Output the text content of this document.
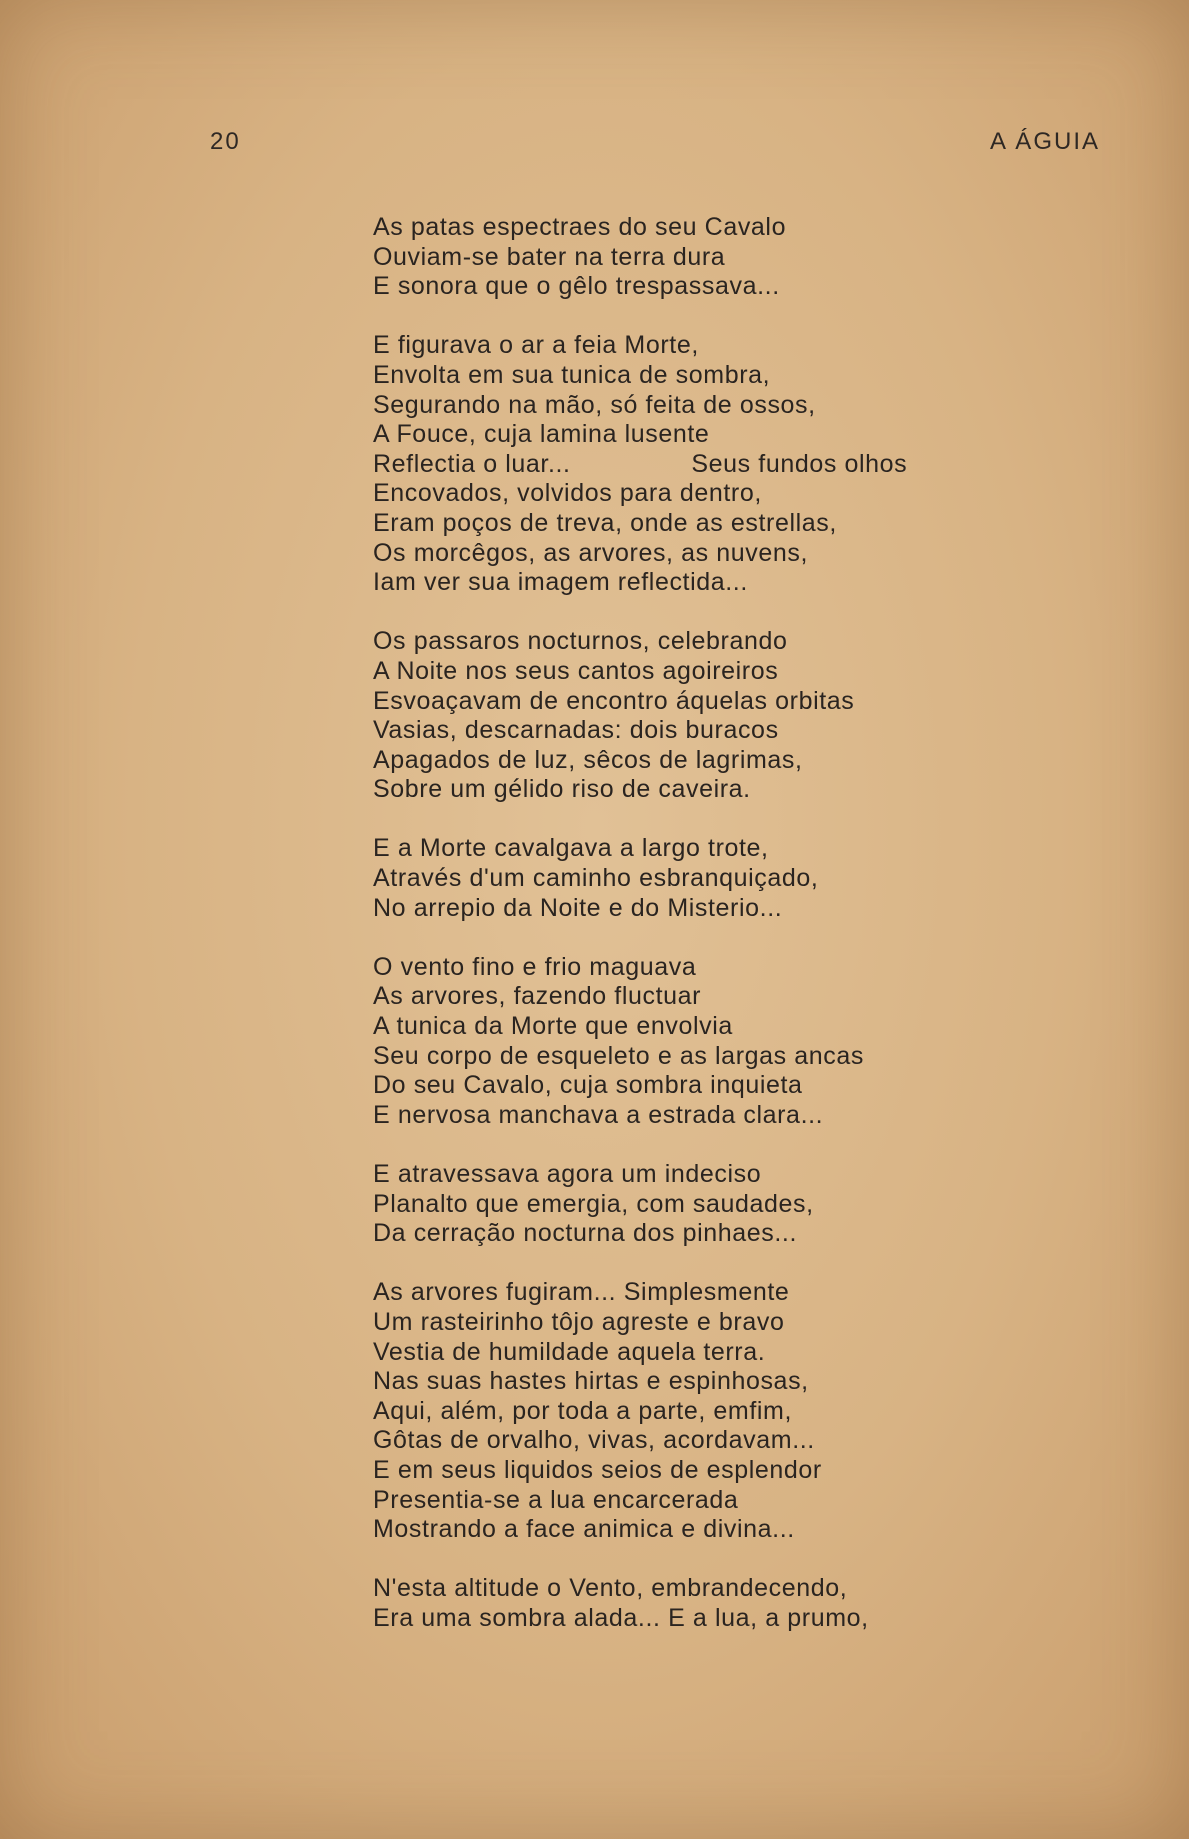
20	A ÁGUIA
As patas espectraes do seu Cavalo
Ouviam-se bater na terra dura
E sonora que o gêlo trespassava...
E figurava o ar a feia Morte,
Envolta em sua tunica de sombra,
Segurando na mão, só feita de ossos,
A Fouce, cuja lamina lusente
Reflectia o luar...                Seus fundos olhos
Encovados, volvidos para dentro,
Eram poços de treva, onde as estrellas,
Os morcêgos, as arvores, as nuvens,
Iam ver sua imagem reflectida...
Os passaros nocturnos, celebrando
A Noite nos seus cantos agoireiros
Esvoaçavam de encontro áquelas orbitas
Vasias, descarnadas: dois buracos
Apagados de luz, sêcos de lagrimas,
Sobre um gélido riso de caveira.
E a Morte cavalgava a largo trote,
Através d'um caminho esbranquiçado,
No arrepio da Noite e do Misterio...
O vento fino e frio maguava
As arvores, fazendo fluctuar
A tunica da Morte que envolvia
Seu corpo de esqueleto e as largas ancas
Do seu Cavalo, cuja sombra inquieta
E nervosa manchava a estrada clara...
E atravessava agora um indeciso
Planalto que emergia, com saudades,
Da cerração nocturna dos pinhaes...
As arvores fugiram... Simplesmente
Um rasteirinho tôjo agreste e bravo
Vestia de humildade aquela terra.
Nas suas hastes hirtas e espinhosas,
Aqui, além, por toda a parte, emfim,
Gôtas de orvalho, vivas, acordavam...
E em seus liquidos seios de esplendor
Presentia-se a lua encarcerada
Mostrando a face animica e divina...
N'esta altitude o Vento, embrandecendo,
Era uma sombra alada... E a lua, a prumo,
